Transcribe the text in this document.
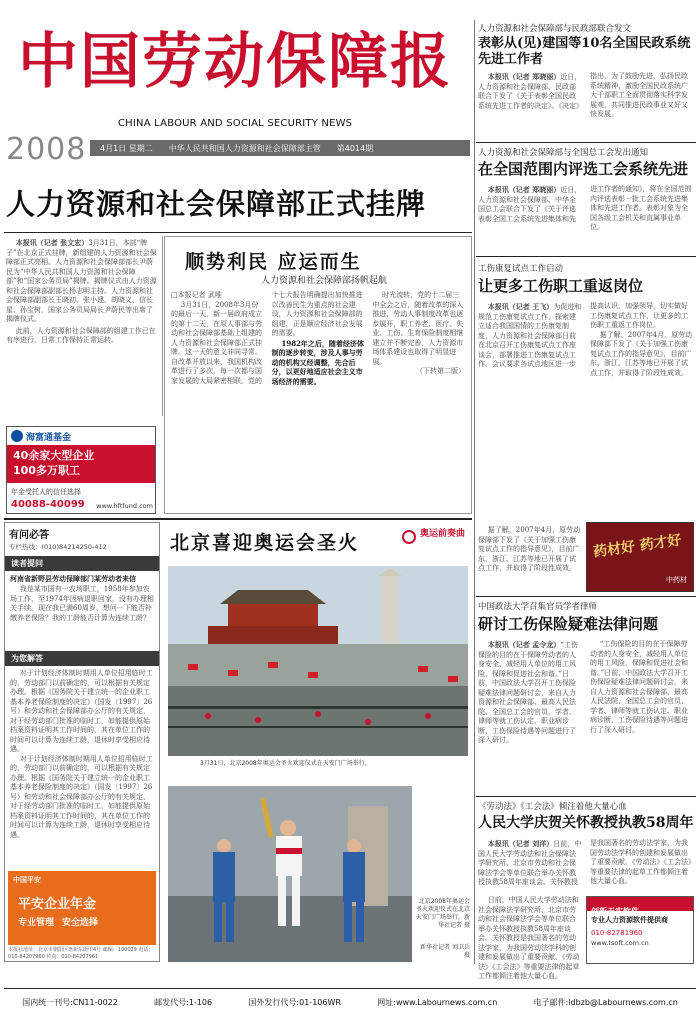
中国劳动保障报
CHINA LABOUR AND SOCIAL SECURITY NEWS
2008 4月1日 星期二 中华人民共和国人力资源和社会保障部主管 第4014期
人力资源和社会保障部与民政部联合发文
表彰从(见)建国等10名全国民政系统先进工作者

本报讯（记者 郑晓丽）近日，人力资源和社会保障部、民政部联合下发了《关于表彰全国民政系统先进工作者的决定》。《决定》指出，为了鼓励先进，弘扬民政系统精神，激励全国民政系统广大干部职工全面贯彻落实科学发展观，共同推进民政事业又好又快发展。

人力资源和社会保障部与全国总工会发出通知
在全国范围内评选工会系统先进

本报讯（记者 郑晓丽）近日，人力资源和社会保障部、中华全国总工会联合下发了《关于评选表彰全国工会系统先进集体和先进工作者的通知》，将在全国范围内评选表彰一批工会系统先进集体和先进工作者。表彰对象为全国各级工会机关和直属事业单位。

人力资源和社会保障部正式挂牌

本报讯（记者 张文宏）3月31日，本部“牌子”在北京正式挂牌，新组建的人力资源和社会保障部正式亮相。人力资源和社会保障部部长尹蔚民为“中华人民共和国人力资源和社会保障部”和“国家公务员局”揭牌。揭牌仪式由人力资源和社会保障部副部长杨志明主持。人力资源和社会保障部副部长王晓初、张小建、胡晓义、信长星、孙宝树，国家公务员局局长尹蔚民等出席了揭牌仪式。

此前，人力资源和社会保障部的组建工作已在有序进行，日常工作保持正常运转。

顺势利民 应运而生
人力资源和社会保障部扬帆起航

□本报记者 武唯

3月31日，2008年3月份的最后一天，新一届政府成立的第十二天，在原人事部与劳动和社会保障部基础上组建的人力资源和社会保障部正式挂牌。这一天的意义非同寻常。自改革开放以来，我国机构改革进行了多次，每一次都与国家发展的大局紧密相联。党的十七大报告明确提出加快推进以改善民生为重点的社会建设，人力资源和社会保障部的组建，正是顺应经济社会发展的需要。

1982年之后，随着经济体制的逐步转变，涉及人事与劳动的机构又经调整，先合后分，以更好地适应社会主义市场经济的需要。

时光流转，党的十二届三中全会之后，随着改革的深入推进，劳动人事制度改革也逐步展开，职工养老、医疗、失业、工伤、生育保险制度相继建立并不断完善，人力资源市场体系建设也取得了明显进展。

（下转第二版）

海富通基金
40余家大型企业
100多万职工
年金受托人的信任选择
40088-40099 www.hftfund.com
工伤康复试点工作启动
让更多工伤职工重返岗位

本报讯（记者 王飞）为促进和规范工伤康复试点工作，探索建立适合我国国情的工伤康复制度，人力资源和社会保障部日前在北京召开工伤康复试点工作座谈会，部署推进工伤康复试点工作。会议要求各试点地区进一步提高认识，加强领导，切实做好工伤康复试点工作，让更多的工伤职工重返工作岗位。

据了解，2007年4月，原劳动保障部下发了《关于加强工伤康复试点工作的指导意见》，目前广东、浙江、江苏等地已开展了试点工作，并取得了阶段性成效。

药材好 药才好
中药材

据了解，2007年4月，原劳动保障部下发了《关于加强工伤康复试点工作的指导意见》，目前广东、浙江、江苏等地已开展了试点工作，并取得了阶段性成效。

有问必答
专栏热线：(010)84214250-412
读者提问
河南省新野县劳动保障部门某劳动者来信

我是某市国有一农场职工，1958年参加农场工作，至1974年因病退职回家，没有办理相关手续。现在我已满60周岁，想问一下能否补缴养老保险？我的工龄能否计算为连续工龄？

为您解答

对于计划经济体制时期用人单位招用临时工的，劳动部门以前确定的，可以根据有关规定办理。根据《国务院关于建立统一的企业职工基本养老保险制度的决定》（国发〔1997〕26号）和劳动和社会保障部办公厅的有关规定，对于经劳动部门批准的临时工，如能提供原始档案资料证明其工作时间的，其在单位工作的时间可以计算为连续工龄，退休时享受相应待遇。

对于计划经济体制时期用人单位招用临时工的，劳动部门以前确定的，可以根据有关规定办理。根据《国务院关于建立统一的企业职工基本养老保险制度的决定》（国发〔1997〕26号）和劳动和社会保障部办公厅的有关规定，对于经劳动部门批准的临时工，如能提供原始档案资料证明其工作时间的，其在单位工作的时间可以计算为连续工龄，退休时享受相应待遇。

中国平安
平安企业年金
专业管理 安全选择
本报社地址：北京市朝阳区惠新东街甲4号 邮编：100029 电话：010-84207960 传真：010-84207961
北京喜迎奥运会圣火	奥运前奏曲
3月31日，北京2008年奥运会圣火欢迎仪式在天安门广场举行。
北京2008年奥运会圣火欢迎仪式在北京天安门广场举行。新华社记者 摄
新华社记者 刘卫兵 摄
中国政法大学召集官员学者律师
研讨工伤保险疑难法律问题

本报讯（记者 孟令龙）“工伤保险的目的在于保障劳动者的人身安全，减轻用人单位的用工风险，保障和促进社会和谐。”日前，中国政法大学召开工伤保险疑难法律问题研讨会，来自人力资源和社会保障部、最高人民法院、全国总工会的官员、学者、律师等就工伤认定、职业病诊断、工伤保险待遇等问题进行了深入研讨。

“工伤保险的目的在于保障劳动者的人身安全，减轻用人单位的用工风险，保障和促进社会和谐。”日前，中国政法大学召开工伤保险疑难法律问题研讨会，来自人力资源和社会保障部、最高人民法院、全国总工会的官员、学者、律师等就工伤认定、职业病诊断、工伤保险待遇等问题进行了深入研讨。

《劳动法》《工会法》倾注着他大量心血
人民大学庆贺关怀教授执教58周年

本报讯（记者 刘洋）日前，中国人民大学劳动法和社会保障法学研究所、北京市劳动和社会保障法学会等单位联合举办关怀教授执教58周年座谈会。关怀教授是我国著名的劳动法学家，为我国劳动法学科的创建和发展做出了重要贡献，《劳动法》《工会法》等重要法律的起草工作都倾注着他大量心血。

日前，中国人民大学劳动法和社会保障法学研究所、北京市劳动和社会保障法学会等单位联合举办关怀教授执教58周年座谈会。关怀教授是我国著名的劳动法学家，为我国劳动法学科的创建和发展做出了重要贡献，《劳动法》《工会法》等重要法律的起草工作都倾注着他大量心血。

创新天实软件
专业人力资源软件提供商
010-82781960
www.tsoft.com.cn
国内统一刊号:CN11-0022	邮发代号:1-106	国外发行代号:01-106WR	网址:www.Labournews.com.cn	电子邮件:ldbzb@Labournews.com.cn
